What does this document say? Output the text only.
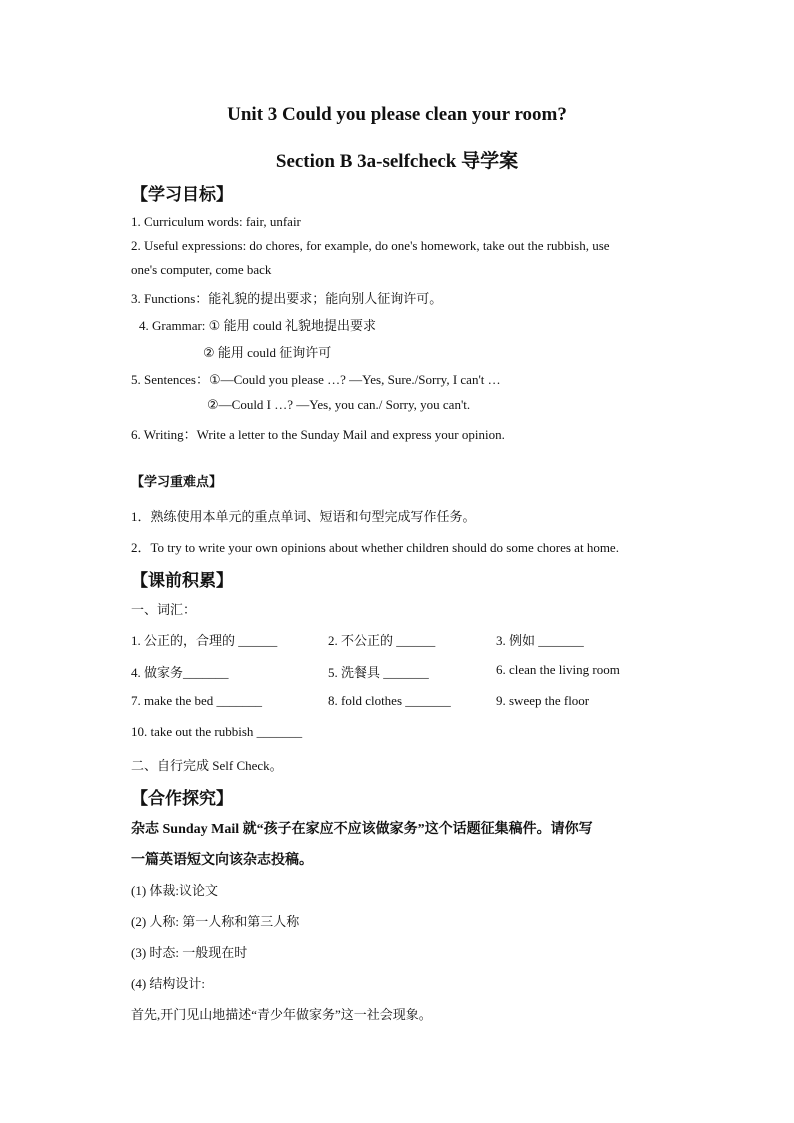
Unit 3 Could you please clean your room?
Section B 3a-selfcheck 导学案
【学习目标】
1. Curriculum words: fair, unfair
2. Useful expressions: do chores, for example, do one's homework, take out the rubbish, use
one's computer, come back
3. Functions：能礼貌的提出要求；能向别人征询许可。
4. Grammar: ① 能用 could 礼貌地提出要求
② 能用 could 征询许可
5. Sentences：①—Could you please …? —Yes, Sure./Sorry, I can't …
②—Could I …? —Yes, you can./ Sorry, you can't.
6. Writing：Write a letter to the Sunday Mail and express your opinion.
【学习重难点】
1．熟练使用本单元的重点单词、短语和句型完成写作任务。
2．To try to write your own opinions about whether children should do some chores at home.
【课前积累】
一、词汇：
1. 公正的，合理的 ______	2. 不公正的 ______	3. 例如 _______
4. 做家务_______	5. 洗餐具 _______	6. clean the living room
7. make the bed _______	8. fold clothes _______	9. sweep the floor
10. take out the rubbish _______
二、自行完成 Self Check。
【合作探究】
杂志 Sunday Mail 就“孩子在家应不应该做家务”这个话题征集稿件。请你写
一篇英语短文向该杂志投稿。
(1) 体裁:议论文
(2) 人称: 第一人称和第三人称
(3) 时态: 一般现在时
(4) 结构设计:
首先,开门见山地描述“青少年做家务”这一社会现象。
